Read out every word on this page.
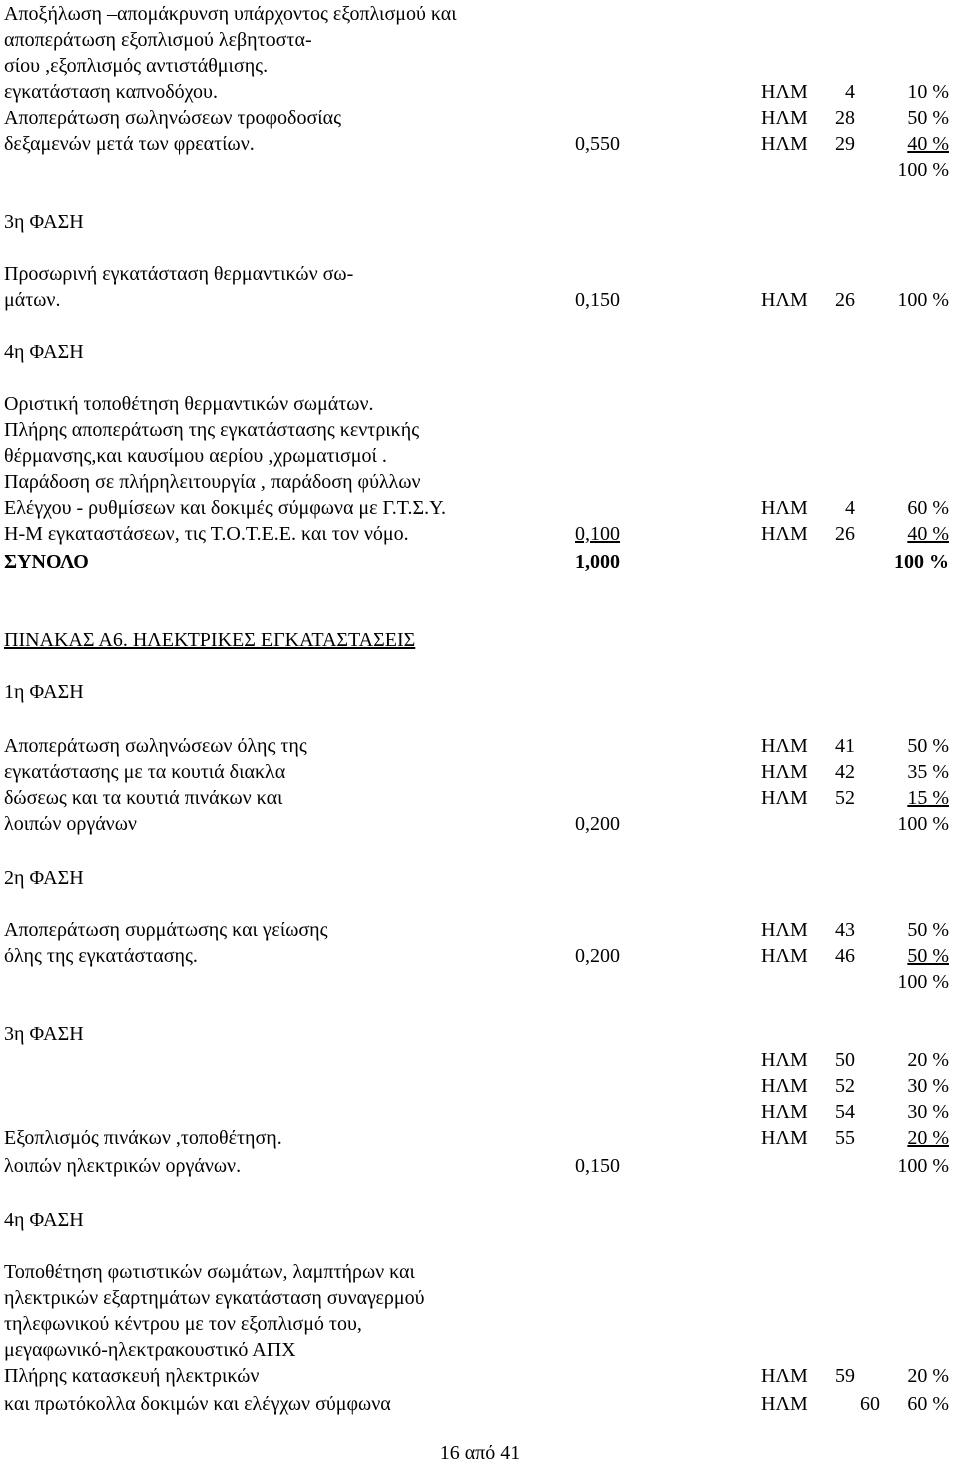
Αποξήλωση –απομάκρυνση υπάρχοντος εξοπλισμού και
αποπεράτωση εξοπλισμού λεβητοστα-
σίου ,εξοπλισμός αντιστάθμισης.
εγκατάσταση καπνοδόχου.	ΗΛΜ	4	10 %
Αποπεράτωση σωληνώσεων τροφοδοσίας	ΗΛΜ	28	50 %
δεξαμενών μετά των φρεατίων.	0,550	ΗΛΜ	29	40 %
100 %
3η ΦΑΣΗ
Προσωρινή εγκατάσταση θερμαντικών σω-
μάτων.	0,150	ΗΛΜ	26	100 %
4η ΦΑΣΗ
Οριστική τοποθέτηση θερμαντικών σωμάτων.
Πλήρης αποπεράτωση της εγκατάστασης κεντρικής
θέρμανσης,και καυσίμου αερίου ,χρωματισμοί .
Παράδοση σε πλήρηλειτουργία , παράδοση φύλλων
Ελέγχου - ρυθμίσεων και δοκιμές σύμφωνα με Γ.Τ.Σ.Υ.	ΗΛΜ	4	60 %
Η-Μ εγκαταστάσεων, τις Τ.Ο.Τ.Ε.Ε. και τον νόμο.	0,100	ΗΛΜ	26	40 %
ΣΥΝΟΛΟ	1,000	100 %
ΠΙΝΑΚΑΣ Α6. ΗΛΕΚΤΡΙΚΕΣ ΕΓΚΑΤΑΣΤΑΣΕΙΣ
1η ΦΑΣΗ
Αποπεράτωση σωληνώσεων όλης της	ΗΛΜ	41	50 %
εγκατάστασης με τα κουτιά διακλα	ΗΛΜ	42	35 %
δώσεως και τα κουτιά πινάκων και	ΗΛΜ	52	15 %
λοιπών οργάνων	0,200	100 %
2η ΦΑΣΗ
Αποπεράτωση συρμάτωσης και γείωσης	ΗΛΜ	43	50 %
όλης της εγκατάστασης.	0,200	ΗΛΜ	46	50 %
100 %
3η ΦΑΣΗ
ΗΛΜ	50	20 %
ΗΛΜ	52	30 %
ΗΛΜ	54	30 %
Εξοπλισμός πινάκων ,τοποθέτηση.	ΗΛΜ	55	20 %
λοιπών ηλεκτρικών οργάνων.	0,150	100 %
4η ΦΑΣΗ
Τοποθέτηση φωτιστικών σωμάτων, λαμπτήρων και
ηλεκτρικών εξαρτημάτων εγκατάσταση συναγερμού
τηλεφωνικού κέντρου με τον εξοπλισμό του,
μεγαφωνικό-ηλεκτρακουστικό ΑΠΧ
Πλήρης κατασκευή ηλεκτρικών	ΗΛΜ	59	20 %
και πρωτόκολλα δοκιμών και ελέγχων σύμφωνα	ΗΛΜ	60	60 %
16 από 41
